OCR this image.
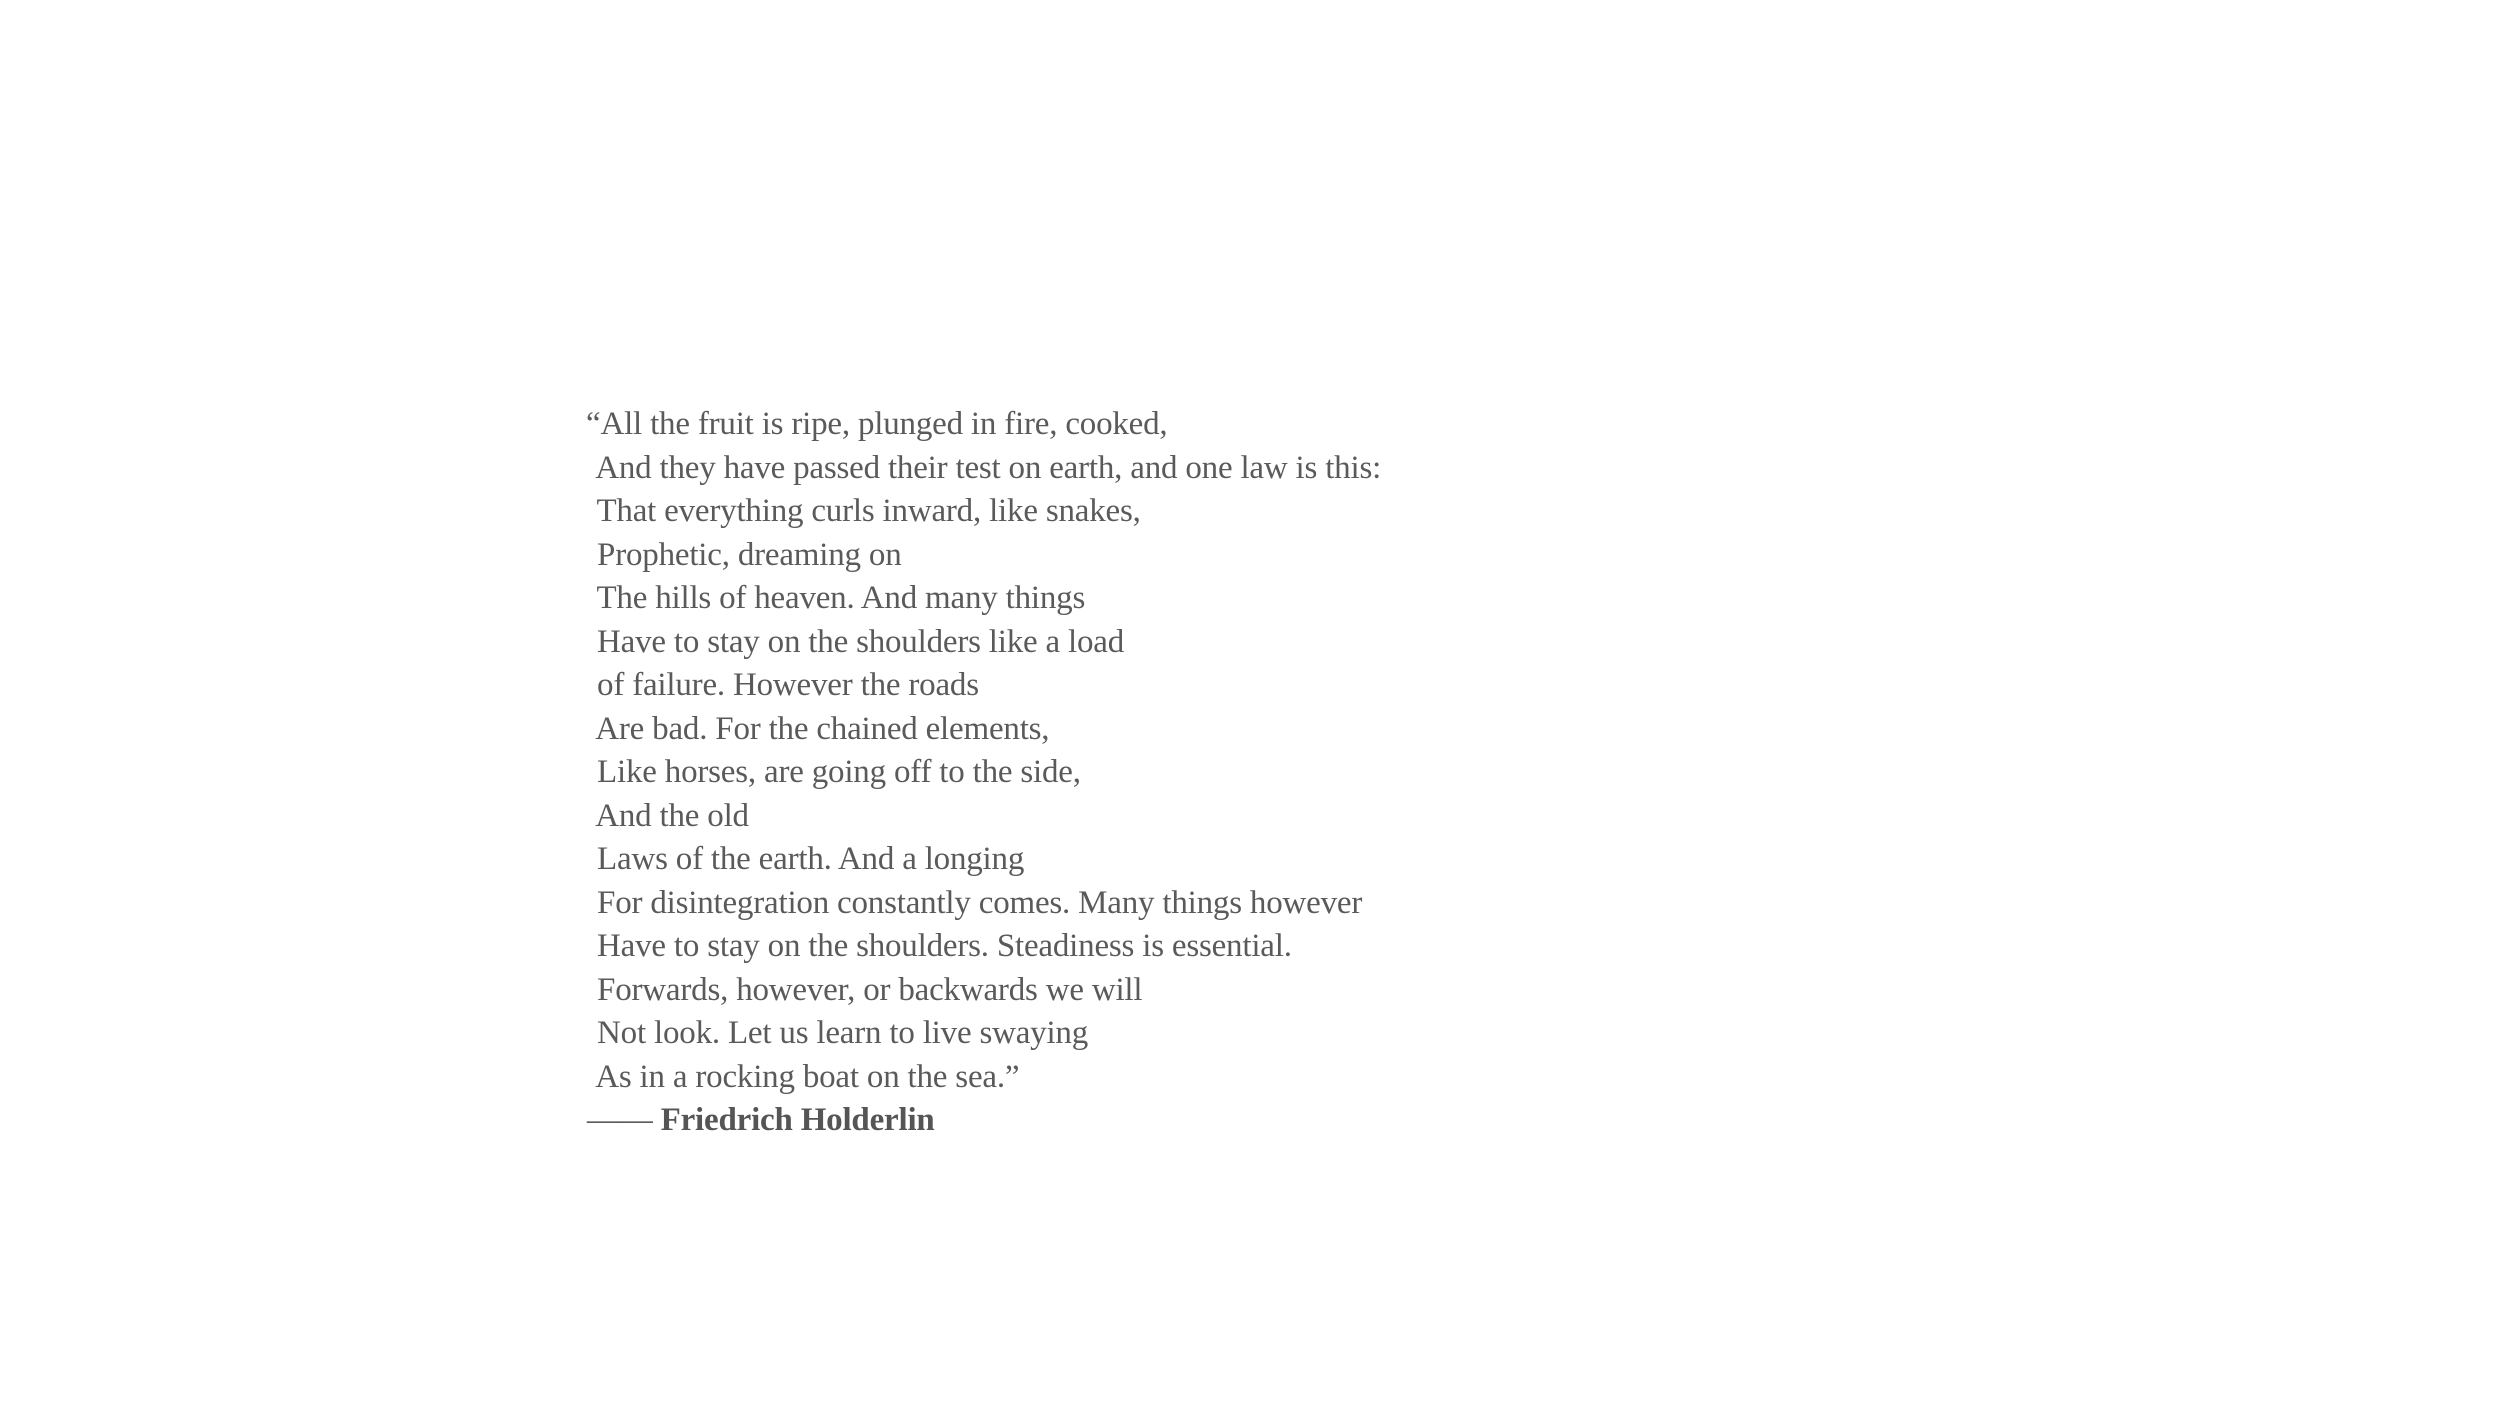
“All the fruit is ripe, plunged in fire, cooked,
And they have passed their test on earth, and one law is this:
That everything curls inward, like snakes,
Prophetic, dreaming on
The hills of heaven. And many things
Have to stay on the shoulders like a load
of failure. However the roads
Are bad. For the chained elements,
Like horses, are going off to the side,
And the old
Laws of the earth. And a longing
For disintegration constantly comes. Many things however
Have to stay on the shoulders. Steadiness is essential.
Forwards, however, or backwards we will
Not look. Let us learn to live swaying
As in a rocking boat on the sea.”
—— Friedrich Holderlin
